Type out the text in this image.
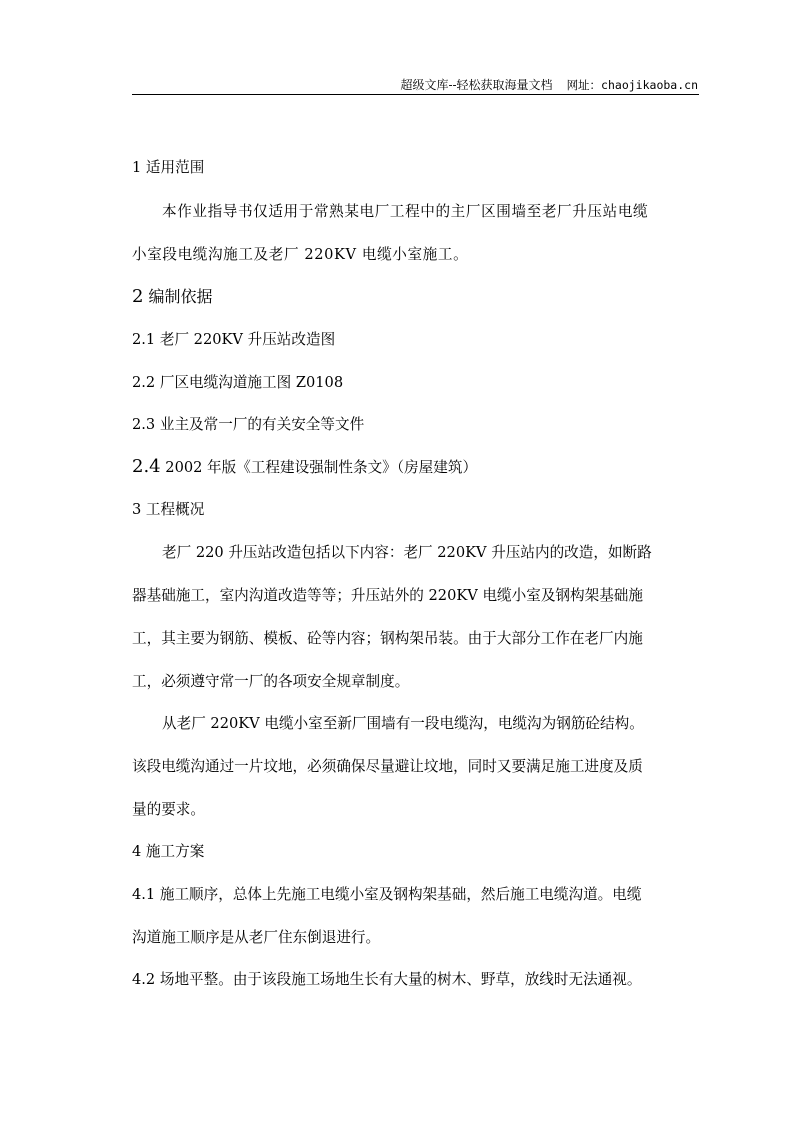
超级文库--轻松获取海量文档 网址：chaojikaoba.cn
1 适用范围
本作业指导书仅适用于常熟某电厂工程中的主厂区围墙至老厂升压站电缆
小室段电缆沟施工及老厂 220KV 电缆小室施工。
2 编制依据
2.1 老厂 220KV 升压站改造图
2.2 厂区电缆沟道施工图 Z0108
2.3 业主及常一厂的有关安全等文件
2.4 2002 年版《工程建设强制性条文》（房屋建筑）
3 工程概况
老厂 220 升压站改造包括以下内容：老厂 220KV 升压站内的改造，如断路
器基础施工，室内沟道改造等等；升压站外的 220KV 电缆小室及钢构架基础施
工，其主要为钢筋、模板、砼等内容；钢构架吊装。由于大部分工作在老厂内施
工，必须遵守常一厂的各项安全规章制度。
从老厂 220KV 电缆小室至新厂围墙有一段电缆沟，电缆沟为钢筋砼结构。
该段电缆沟通过一片坟地，必须确保尽量避让坟地，同时又要满足施工进度及质
量的要求。
4 施工方案
4.1 施工顺序，总体上先施工电缆小室及钢构架基础，然后施工电缆沟道。电缆
沟道施工顺序是从老厂住东倒退进行。
4.2 场地平整。由于该段施工场地生长有大量的树木、野草，放线时无法通视。
